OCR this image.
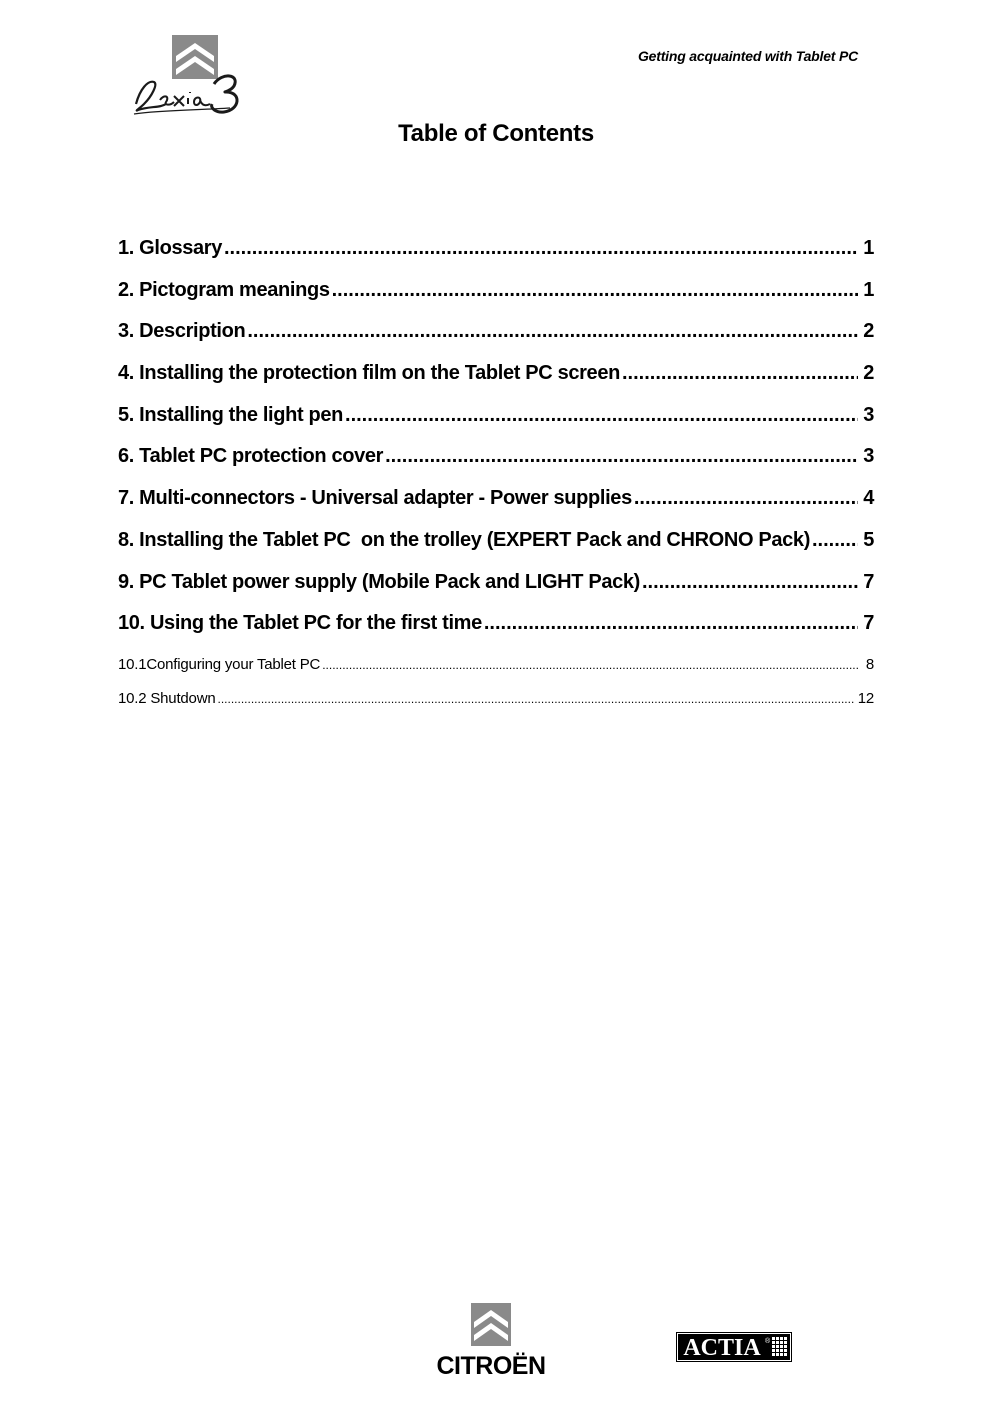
Getting acquainted with Tablet PC
Table of Contents
1. Glossary .....	1
2. Pictogram meanings .....	1
3. Description .....	2
4. Installing the protection film on the Tablet PC screen .....	2
5. Installing the light pen .....	3
6. Tablet PC protection cover .....	3
7. Multi-connectors - Universal adapter - Power supplies .....	4
8. Installing the Tablet PC  on the trolley (EXPERT Pack and CHRONO Pack) .....	5
9. PC Tablet power supply (Mobile Pack and LIGHT Pack) .....	7
10. Using the Tablet PC for the first time .....	7
10.1Configuring your Tablet PC .....	8
10.2 Shutdown .....	12
CITROËN
ACTIA ®
